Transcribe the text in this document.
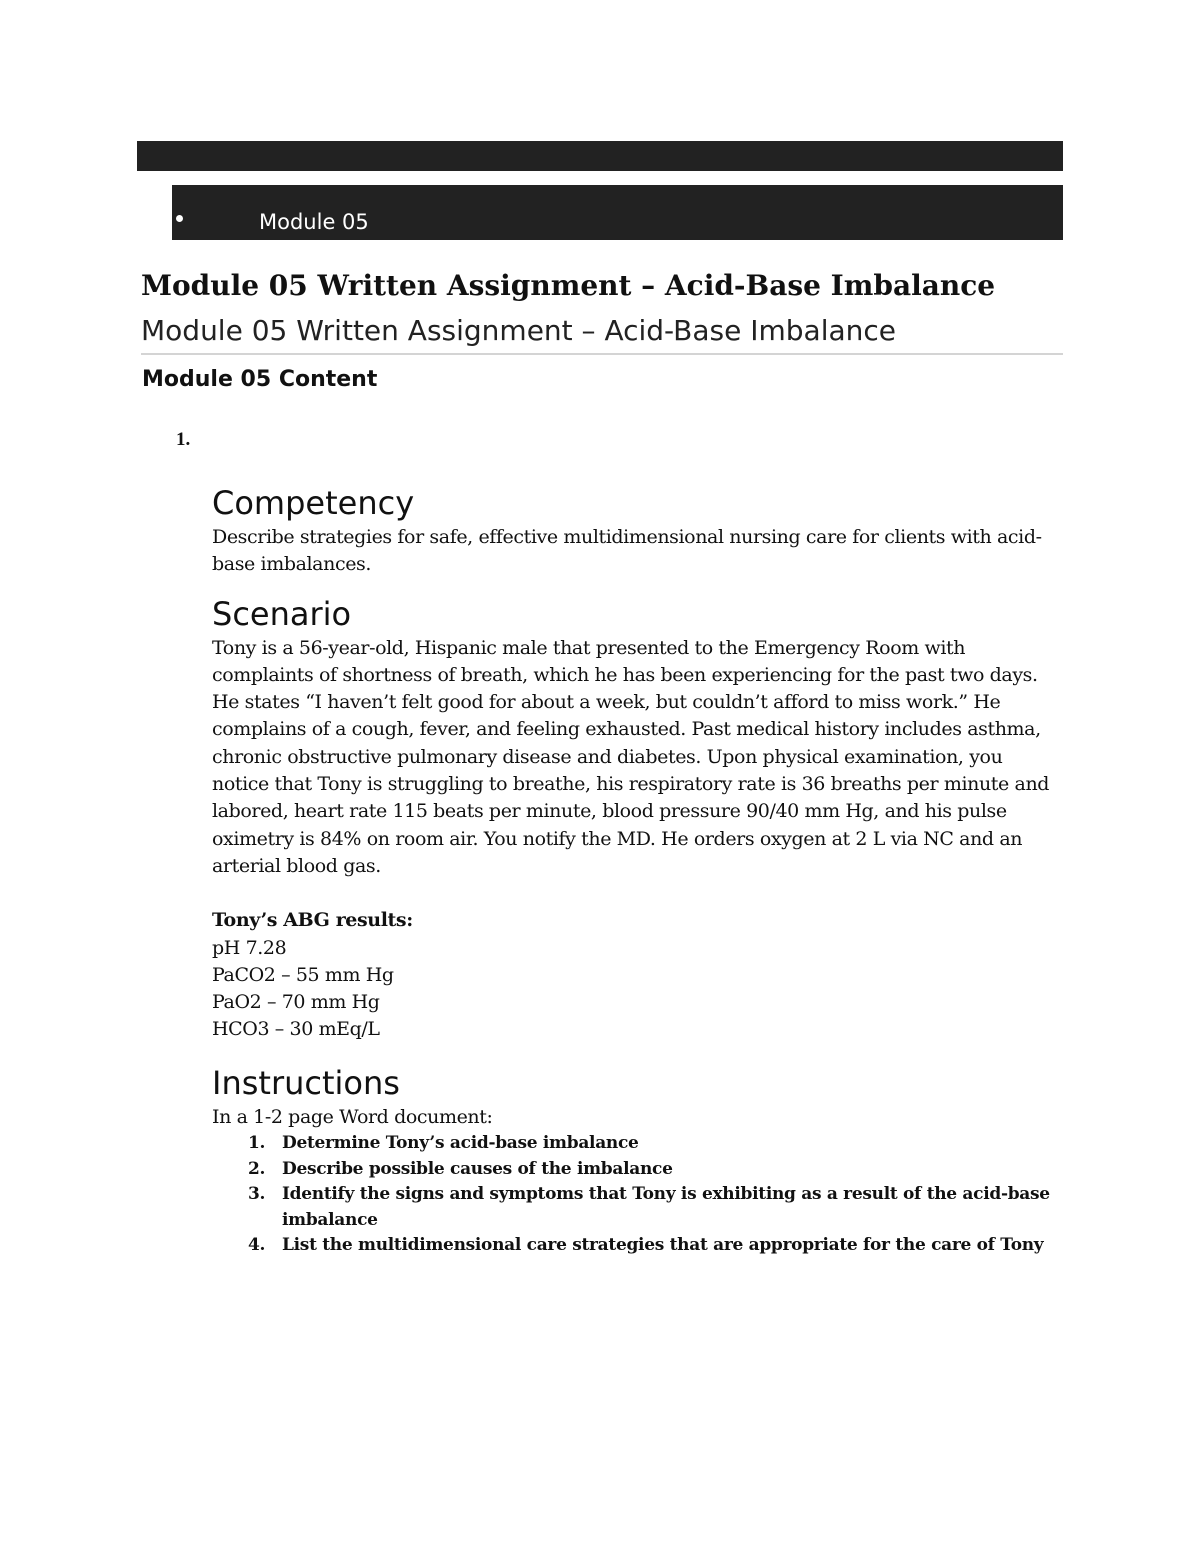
Module 05
Module 05 Written Assignment – Acid-Base Imbalance
Module 05 Written Assignment – Acid-Base Imbalance
Module 05 Content
1.
Competency

Describe strategies for safe, effective multidimensional nursing care for clients with acid-base imbalances.

Scenario

Tony is a 56-year-old, Hispanic male that presented to the Emergency Room with complaints of shortness of breath, which he has been experiencing for the past two days. He states “I haven’t felt good for about a week, but couldn’t afford to miss work.” He complains of a cough, fever, and feeling exhausted. Past medical history includes asthma, chronic obstructive pulmonary disease and diabetes. Upon physical examination, you notice that Tony is struggling to breathe, his respiratory rate is 36 breaths per minute and labored, heart rate 115 beats per minute, blood pressure 90/40 mm Hg, and his pulse oximetry is 84% on room air. You notify the MD. He orders oxygen at 2 L via NC and an arterial blood gas.

Tony’s ABG results:
pH 7.28
PaCO2 – 55 mm Hg
PaO2 – 70 mm Hg
HCO3 – 30 mEq/L

Instructions

In a 1-2 page Word document:

1. Determine Tony’s acid-base imbalance
2. Describe possible causes of the imbalance
3. Identify the signs and symptoms that Tony is exhibiting as a result of the acid-base imbalance
4. List the multidimensional care strategies that are appropriate for the care of Tony
